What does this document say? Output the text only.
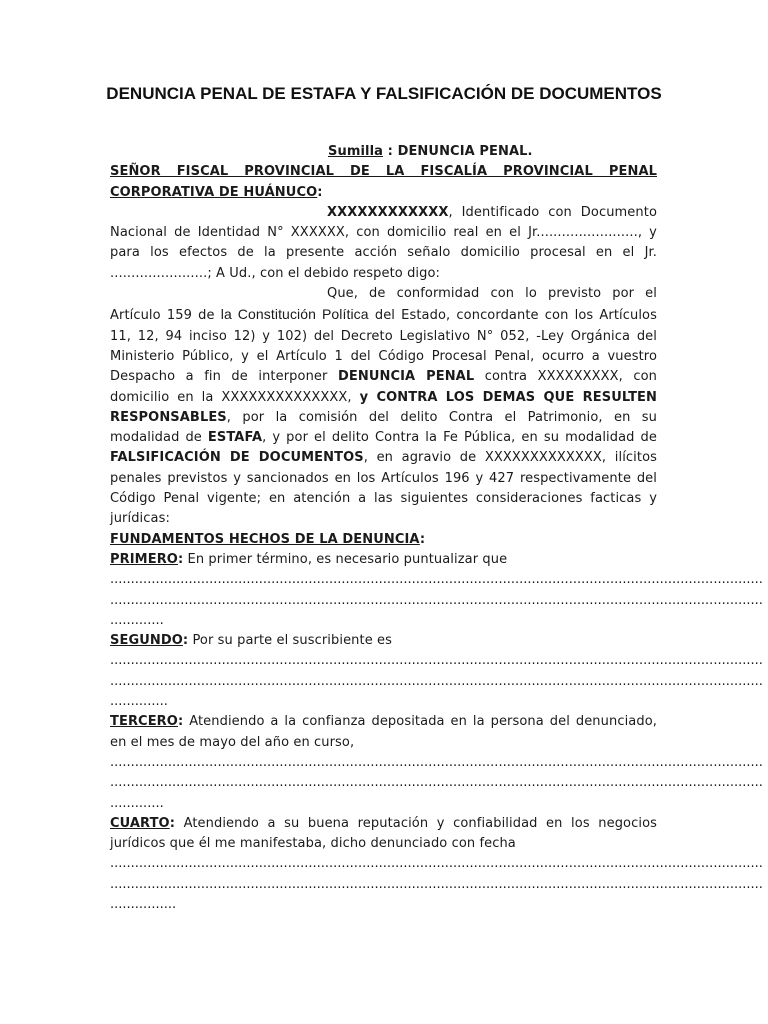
DENUNCIA PENAL DE ESTAFA Y FALSIFICACIÓN DE DOCUMENTOS

Sumilla : DENUNCIA PENAL.

SEÑOR FISCAL PROVINCIAL DE LA FISCALÍA PROVINCIAL PENAL CORPORATIVA DE HUÁNUCO:

XXXXXXXXXXXX, Identificado con Documento Nacional de Identidad N° XXXXXX, con domicilio real en el Jr........................, y para los efectos de la presente acción señalo domicilio procesal en el Jr. .......................; A Ud., con el debido respeto digo:

Que, de conformidad con lo previsto por el Artículo 159 de la Constitución Política del Estado, concordante con los Artículos 11, 12, 94 inciso 12) y 102) del Decreto Legislativo N° 052, -Ley Orgánica del Ministerio Público, y el Artículo 1 del Código Procesal Penal, ocurro a vuestro Despacho a fin de interponer DENUNCIA PENAL contra XXXXXXXXX, con domicilio en la XXXXXXXXXXXXXX, y CONTRA LOS DEMAS QUE RESULTEN RESPONSABLES, por la comisión del delito Contra el Patrimonio, en su modalidad de ESTAFA, y por el delito Contra la Fe Pública, en su modalidad de FALSIFICACIÓN DE DOCUMENTOS, en agravio de XXXXXXXXXXXXX, ilícitos penales previstos y sancionados en los Artículos 196 y 427 respectivamente del Código Penal vigente; en atención a las siguientes consideraciones facticas y jurídicas:

FUNDAMENTOS HECHOS DE LA DENUNCIA:

PRIMERO: En primer término, es necesario puntualizar que

..............................................................................................................................................................
..............................................................................................................................................................
.............

SEGUNDO: Por su parte el suscribiente es

..............................................................................................................................................................
..............................................................................................................................................................
..............

TERCERO: Atendiendo a la confianza depositada en la persona del denunciado, en el mes de mayo del año en curso,

..............................................................................................................................................................
..............................................................................................................................................................
.............

CUARTO: Atendiendo a su buena reputación y confiabilidad en los negocios jurídicos que él me manifestaba, dicho denunciado con fecha

..............................................................................................................................................................
..............................................................................................................................................................
................
